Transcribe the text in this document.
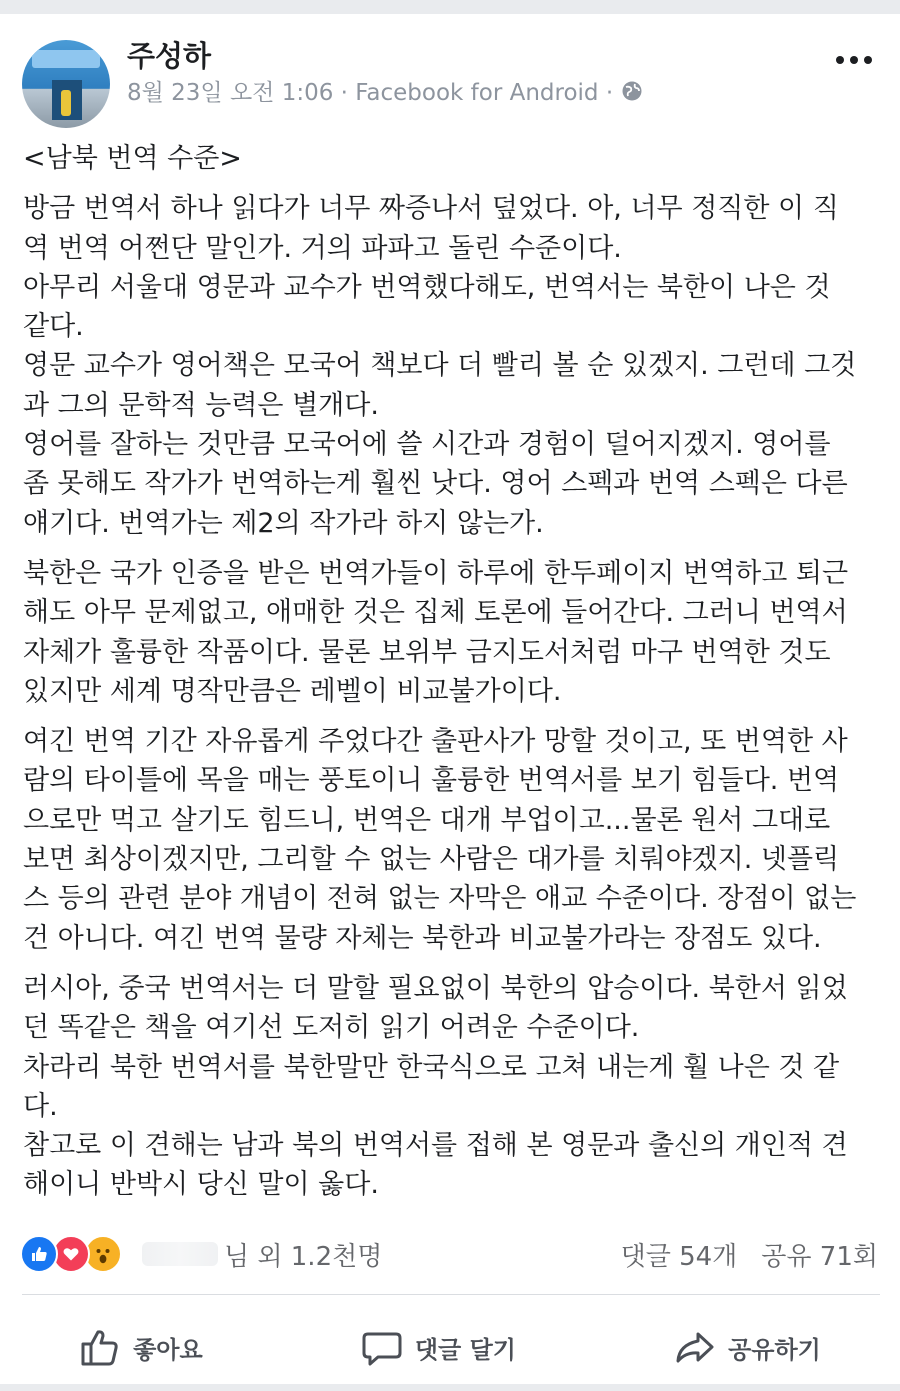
주성하
8월 23일 오전 1:06 · Facebook for Android ·

<남북 번역 수준>

방금 번역서 하나 읽다가 너무 짜증나서 덮었다. 아, 너무 정직한 이 직

역 번역 어쩐단 말인가. 거의 파파고 돌린 수준이다.

아무리 서울대 영문과 교수가 번역했다해도, 번역서는 북한이 나은 것

같다.

영문 교수가 영어책은 모국어 책보다 더 빨리 볼 순 있겠지. 그런데 그것

과 그의 문학적 능력은 별개다.

영어를 잘하는 것만큼 모국어에 쓸 시간과 경험이 덜어지겠지. 영어를

좀 못해도 작가가 번역하는게 훨씬 낫다. 영어 스펙과 번역 스펙은 다른

얘기다. 번역가는 제2의 작가라 하지 않는가.

북한은 국가 인증을 받은 번역가들이 하루에 한두페이지 번역하고 퇴근

해도 아무 문제없고, 애매한 것은 집체 토론에 들어간다. 그러니 번역서

자체가 훌륭한 작품이다. 물론 보위부 금지도서처럼 마구 번역한 것도

있지만 세계 명작만큼은 레벨이 비교불가이다.

여긴 번역 기간 자유롭게 주었다간 출판사가 망할 것이고, 또 번역한 사

람의 타이틀에 목을 매는 풍토이니 훌륭한 번역서를 보기 힘들다. 번역

으로만 먹고 살기도 힘드니, 번역은 대개 부업이고...물론 원서 그대로

보면 최상이겠지만, 그리할 수 없는 사람은 대가를 치뤄야겠지. 넷플릭

스 등의 관련 분야 개념이 전혀 없는 자막은 애교 수준이다. 장점이 없는

건 아니다. 여긴 번역 물량 자체는 북한과 비교불가라는 장점도 있다.

러시아, 중국 번역서는 더 말할 필요없이 북한의 압승이다. 북한서 읽었

던 똑같은 책을 여기선 도저히 읽기 어려운 수준이다.

차라리 북한 번역서를 북한말만 한국식으로 고쳐 내는게 훨 나은 것 같

다.

참고로 이 견해는 남과 북의 번역서를 접해 본 영문과 출신의 개인적 견

해이니 반박시 당신 말이 옳다.

님 외 1.2천명	댓글 54개 공유 71회
좋아요	댓글 달기	공유하기
